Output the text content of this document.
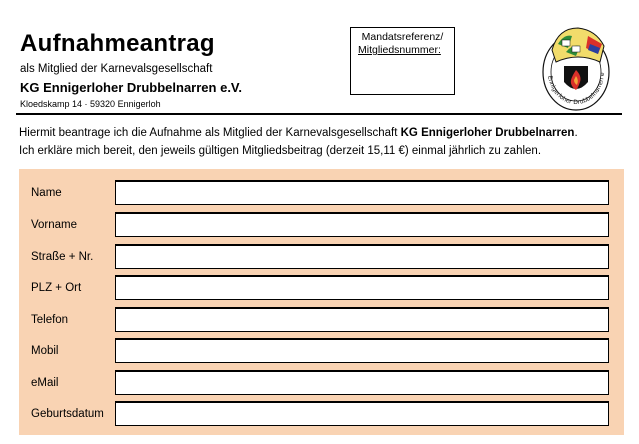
Aufnahmeantrag
als Mitglied der Karnevalsgesellschaft
KG Ennigerloher Drubbelnarren e.V.
Kloedskamp 14 · 59320 Ennigerloh
Mandatsreferenz/
Mitgliedsnummer:
Ennigerloher Drubbelnarren e

Hiermit beantrage ich die Aufnahme als Mitglied der Karnevalsgesellschaft KG Ennigerloher Drubbelnarren.

Ich erkläre mich bereit, den jeweils gültigen Mitgliedsbeitrag (derzeit 15,11 €) einmal jährlich zu zahlen.

Name
Vorname
Straße + Nr.
PLZ + Ort
Telefon
Mobil
eMail
Geburtsdatum
